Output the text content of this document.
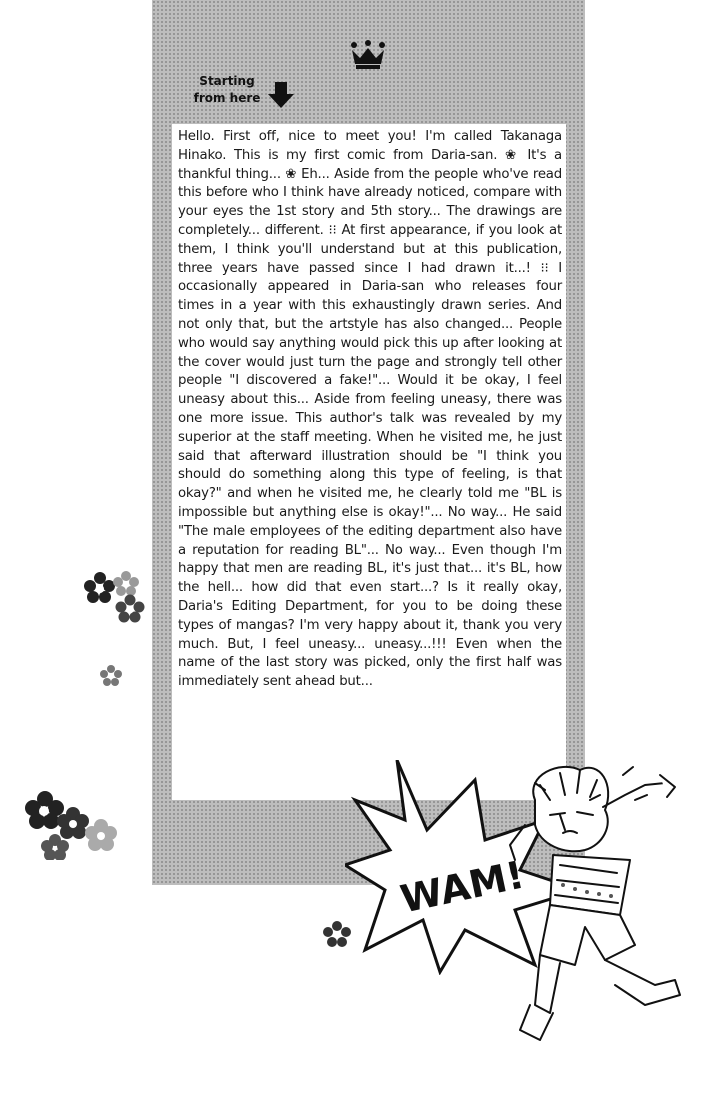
Starting from here

Hello. First off, nice to meet you! I'm called Takanaga Hinako. This is my first comic from Daria-san. ❀ It's a thankful thing... ❀ Eh... Aside from the people who've read this before who I think have already noticed, compare with your eyes the 1st story and 5th story... The drawings are completely... different. ⁝⁝ At first appearance, if you look at them, I think you'll understand but at this publication, three years have passed since I had drawn it...! ⁝⁝ I occasionally appeared in Daria-san who releases four times in a year with this exhaustingly drawn series. And not only that, but the artstyle has also changed... People who would say anything would pick this up after looking at the cover would just turn the page and strongly tell other people "I discovered a fake!"... Would it be okay, I feel uneasy about this... Aside from feeling uneasy, there was one more issue. This author's talk was revealed by my superior at the staff meeting. When he visited me, he just said that afterward illustration should be "I think you should do something along this type of feeling, is that okay?" and when he visited me, he clearly told me "BL is impossible but anything else is okay!"... No way... He said "The male employees of the editing department also have a reputation for reading BL"... No way... Even though I'm happy that men are reading BL, it's just that... it's BL, how the hell... how did that even start...? Is it really okay, Daria's Editing Department, for you to be doing these types of mangas? I'm very happy about it, thank you very much. But, I feel uneasy... uneasy...!!! Even when the name of the last story was picked, only the first half was immediately sent ahead but...

WAM!
